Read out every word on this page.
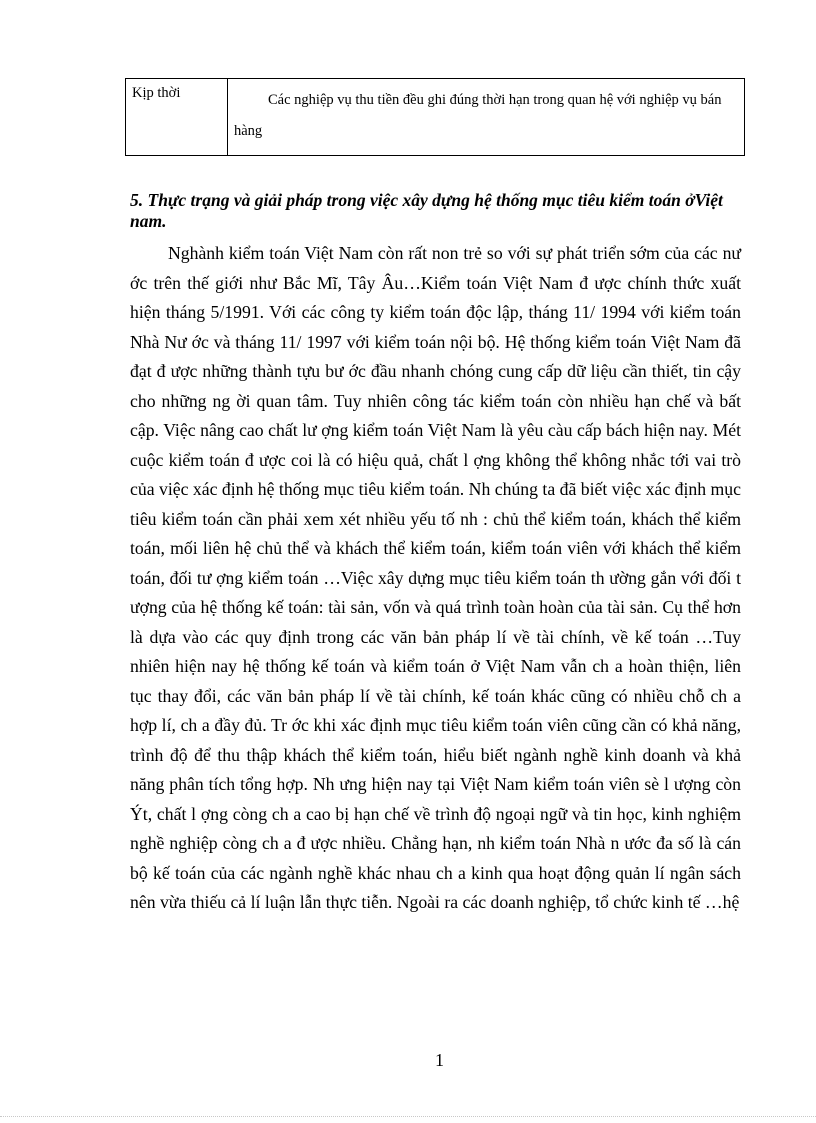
Kịp thời	Các nghiệp vụ thu tiền đều ghi đúng thời hạn trong quan hệ với nghiệp vụ bán hàng
5. Thực trạng và giải pháp trong việc xây dựng hệ thống mục tiêu kiểm toán ởViệt nam.

Nghành kiểm toán Việt Nam còn rất non trẻ so với sự phát triển sớm của các nư ớc trên thế giới như Bắc Mĩ, Tây Âu…Kiểm toán Việt Nam đ ược chính thức xuất hiện tháng 5/1991. Với các công ty kiểm toán độc lập, tháng 11/ 1994 với kiểm toán Nhà Nư ớc và tháng 11/ 1997 với kiểm toán nội bộ. Hệ thống kiểm toán Việt Nam đã đạt đ ược những thành tựu bư ớc đầu nhanh chóng cung cấp dữ liệu cần thiết, tin cậy cho những ng ời quan tâm. Tuy nhiên công tác kiểm toán còn nhiều hạn chế và bất cập. Việc nâng cao chất lư ợng kiểm toán Việt Nam là yêu càu cấp bách hiện nay. Mét cuộc kiểm toán đ ược coi là có hiệu quả, chất l ợng không thể không nhắc tới vai trò của việc xác định hệ thống mục tiêu kiểm toán. Nh chúng ta đã biết việc xác định mục tiêu kiểm toán cần phải xem xét nhiều yếu tố nh : chủ thể kiểm toán, khách thể kiểm toán, mối liên hệ chủ thể và khách thể kiểm toán, kiểm toán viên với khách thể kiểm toán, đối tư ợng kiểm toán …Việc xây dựng mục tiêu kiểm toán th ường gắn với đối t ượng của hệ thống kế toán: tài sản, vốn và quá trình toàn hoàn của tài sản. Cụ thể hơn là dựa vào các quy định trong các văn bản pháp lí về tài chính, về kế toán …Tuy nhiên hiện nay hệ thống kế toán và kiểm toán ở Việt Nam vẫn ch a hoàn thiện, liên tục thay đổi, các văn bản pháp lí về tài chính, kế toán khác cũng có nhiều chỗ ch a hợp lí, ch a đầy đủ. Tr ớc khi xác định mục tiêu kiểm toán viên cũng cần có khả năng, trình độ để thu thập khách thể kiểm toán, hiểu biết ngành nghề kinh doanh và khả năng phân tích tổng hợp. Nh ưng hiện nay tại Việt Nam kiểm toán viên sè l ượng còn Ýt, chất l ợng còng ch a cao bị hạn chế về trình độ ngoại ngữ và tin học, kinh nghiệm nghề nghiệp còng ch a đ ược nhiều. Chẳng hạn, nh kiểm toán Nhà n ước đa số là cán bộ kế toán của các ngành nghề khác nhau ch a kinh qua hoạt động quản lí ngân sách nên vừa thiếu cả lí luận lẫn thực tiễn. Ngoài ra các doanh nghiệp, tổ chức kinh tế …hệ

1
